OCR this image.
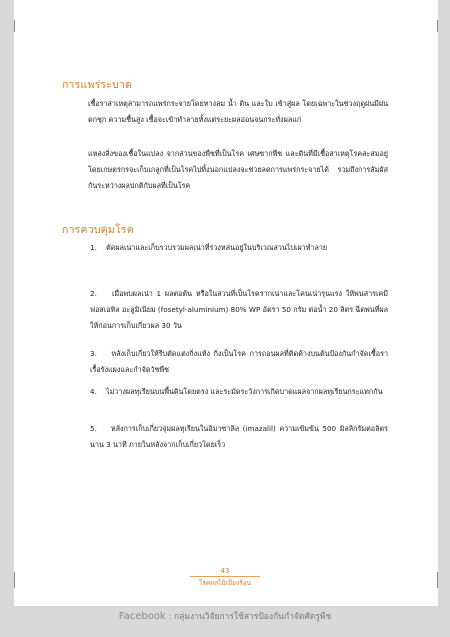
การแพร่ระบาด
เชื้อราสาเหตุสามารถแพร่กระจายโดยทางลม น้ำ ดิน และใบ เข้าสู่ผล โดยเฉพาะในช่วงฤดูฝนมีฝนตกชุก ความชื้นสูง เชื้อจะเข้าทำลายทั้งแต่ระยะผลอ่อนจนกระทั่งผลแก่
แหล่งสิ่งของเชื้อในแปลง จากส่วนของพืชที่เป็นโรค เศษซากพืช และดินที่มีเชื้อสาเหตุโรคสะสมอยู่ โดยเกษตรกรจะเก็บเกลูกที่เป็นโรคไปทิ้งนอกแปลงจะช่วยลดการแพร่กระจายได้ รวมถึงการสัมผัสกันระหว่างผลปกติกับผลที่เป็นโรค
การควบคุมโรค
1. ตัดผลเน่าและเก็บรวบรวมผลเน่าที่ร่วงหล่นอยู่ในบริเวณสวนไปเผาทำลาย
2. เมื่อพบผลเน่า 1 ผลต่อต้น หรือในสวนที่เป็นโรครากเน่าและโคนเน่ารุนแรง ให้พ่นสารเคมีฟอสเอทิล อะลูมิเนียม (fosetyl-aluminium) 80% WP อัตรา 50 กรัม ต่อน้ำ 20 ลิตร ฉีดพ่นที่ผล ให้ก่อนการเก็บเกี่ยวผล 30 วัน
3. หลังเก็บเกี่ยวให้รีบตัดแต่งกิ่งแห้ง กิ่งเป็นโรค การถอนผลที่ติดค้างบนต้นป้องกันกำจัดเชื้อราเรื้อรังแผงและกำจัดวัชพืช
4. ไม่วางผลทุเรียนบนพื้นดินโดยตรง และระมัดระวังการเกิดบาดแผลจากผลทุเรียนกระแทกกัน
5. หลังการเก็บเกี่ยวจุ่มผลทุเรียนในอิมาซาลิล (imazalil) ความเข้มข้น 500 มิลลิกรัมต่อลิตร นาน 3 นาที ภายในหลังจากเก็บเกี่ยวโดยเร็ว
43
โรคผลไม้เมืองร้อน
Facebook : กลุ่มงานวิจัยการใช้สารป้องกันกำจัดศัตรูพืช
